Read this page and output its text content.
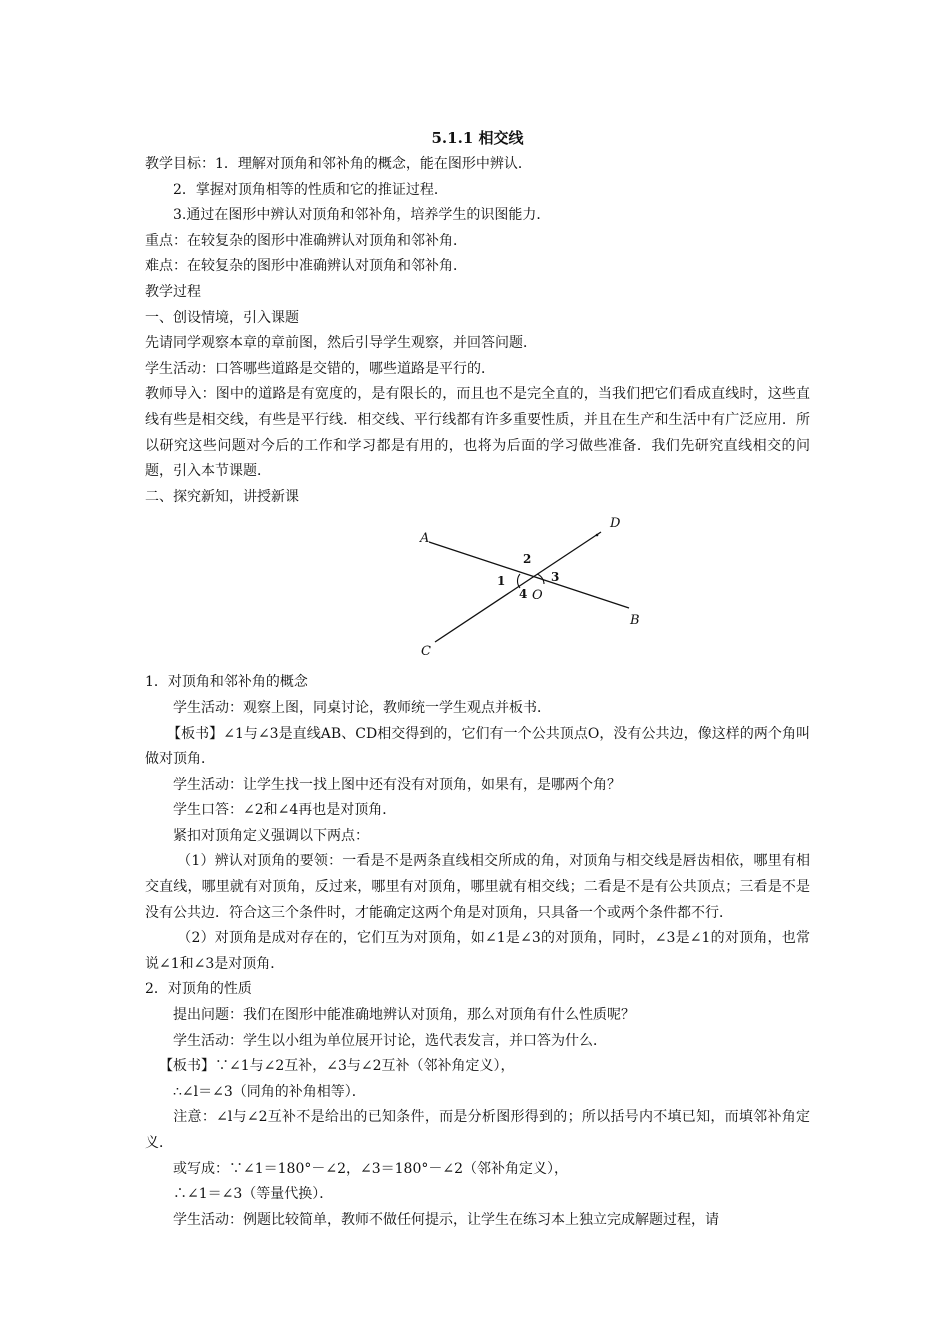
5.1.1 相交线

教学目标：1．理解对顶角和邻补角的概念，能在图形中辨认．

2．掌握对顶角相等的性质和它的推证过程．

3.通过在图形中辨认对顶角和邻补角，培养学生的识图能力．

重点：在较复杂的图形中准确辨认对顶角和邻补角．

难点：在较复杂的图形中准确辨认对顶角和邻补角．

教学过程

一、创设情境，引入课题

先请同学观察本章的章前图，然后引导学生观察，并回答问题．

学生活动：口答哪些道路是交错的，哪些道路是平行的．

教师导入：图中的道路是有宽度的，是有限长的，而且也不是完全直的，当我们把它们看成直线时，这些直线有些是相交线，有些是平行线．相交线、平行线都有许多重要性质，并且在生产和生活中有广泛应用．所以研究这些问题对今后的工作和学习都是有用的，也将为后面的学习做些准备．我们先研究直线相交的问题，引入本节课题．

二、探究新知，讲授新课

A
B
C
D
O
1
2
3
4

1．对顶角和邻补角的概念

学生活动：观察上图，同桌讨论，教师统一学生观点并板书．

【板书】∠1与∠3是直线AB、CD相交得到的，它们有一个公共顶点O，没有公共边，像这样的两个角叫做对顶角．

学生活动：让学生找一找上图中还有没有对顶角，如果有，是哪两个角？

学生口答：∠2和∠4再也是对顶角．

紧扣对顶角定义强调以下两点：

（1）辨认对顶角的要领：一看是不是两条直线相交所成的角，对顶角与相交线是唇齿相依，哪里有相交直线，哪里就有对顶角，反过来，哪里有对顶角，哪里就有相交线；二看是不是有公共顶点；三看是不是没有公共边．符合这三个条件时，才能确定这两个角是对顶角，只具备一个或两个条件都不行．

（2）对顶角是成对存在的，它们互为对顶角，如∠1是∠3的对顶角，同时，∠3是∠1的对顶角，也常说∠1和∠3是对顶角．

2．对顶角的性质

提出问题：我们在图形中能准确地辨认对顶角，那么对顶角有什么性质呢？

学生活动：学生以小组为单位展开讨论，选代表发言，并口答为什么．

【板书】∵∠1与∠2互补，∠3与∠2互补（邻补角定义），

∴∠l＝∠3（同角的补角相等）．

注意：∠l与∠2互补不是给出的已知条件，而是分析图形得到的；所以括号内不填已知，而填邻补角定义．

或写成：∵∠1＝180°－∠2，∠3＝180°－∠2（邻补角定义），

∴∠1＝∠3（等量代换）．

学生活动：例题比较简单，教师不做任何提示，让学生在练习本上独立完成解题过程，请
